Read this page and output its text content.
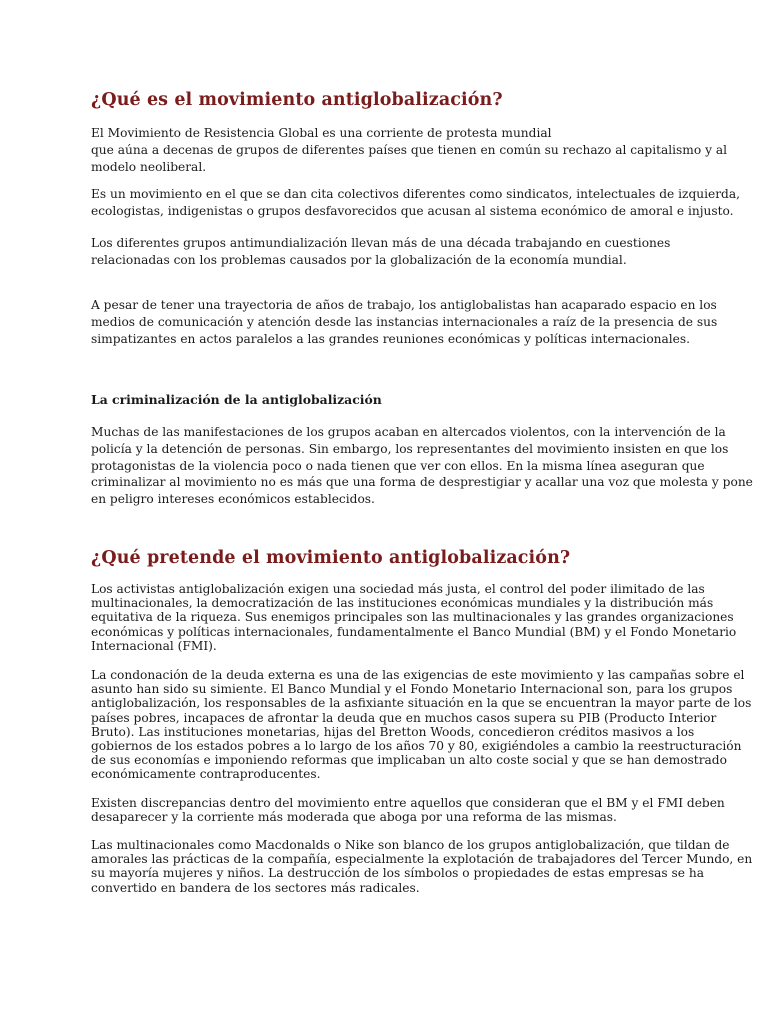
¿Qué es el movimiento antiglobalización?

El Movimiento de Resistencia Global es una corriente de protesta mundial
que aúna a decenas de grupos de diferentes países que tienen en común su rechazo al capitalismo y al
modelo neoliberal.

Es un movimiento en el que se dan cita colectivos diferentes como sindicatos, intelectuales de izquierda,
ecologistas, indigenistas o grupos desfavorecidos que acusan al sistema económico de amoral e injusto.

Los diferentes grupos antimundialización llevan más de una década trabajando en cuestiones
relacionadas con los problemas causados por la globalización de la economía mundial.

A pesar de tener una trayectoria de años de trabajo, los antiglobalistas han acaparado espacio en los
medios de comunicación y atención desde las instancias internacionales a raíz de la presencia de sus
simpatizantes en actos paralelos a las grandes reuniones económicas y políticas internacionales.

La criminalización de la antiglobalización

Muchas de las manifestaciones de los grupos acaban en altercados violentos, con la intervención de la
policía y la detención de personas. Sin embargo, los representantes del movimiento insisten en que los
protagonistas de la violencia poco o nada tienen que ver con ellos. En la misma línea aseguran que
criminalizar al movimiento no es más que una forma de desprestigiar y acallar una voz que molesta y pone
en peligro intereses económicos establecidos.

¿Qué pretende el movimiento antiglobalización?

Los activistas antiglobalización exigen una sociedad más justa, el control del poder ilimitado de las
multinacionales, la democratización de las instituciones económicas mundiales y la distribución más
equitativa de la riqueza. Sus enemigos principales son las multinacionales y las grandes organizaciones
económicas y políticas internacionales, fundamentalmente el Banco Mundial (BM) y el Fondo Monetario
Internacional (FMI).

La condonación de la deuda externa es una de las exigencias de este movimiento y las campañas sobre el
asunto han sido su simiente. El Banco Mundial y el Fondo Monetario Internacional son, para los grupos
antiglobalización, los responsables de la asfixiante situación en la que se encuentran la mayor parte de los
países pobres, incapaces de afrontar la deuda que en muchos casos supera su PIB (Producto Interior
Bruto). Las instituciones monetarias, hijas del Bretton Woods, concedieron créditos masivos a los
gobiernos de los estados pobres a lo largo de los años 70 y 80, exigiéndoles a cambio la reestructuración
de sus economías e imponiendo reformas que implicaban un alto coste social y que se han demostrado
económicamente contraproducentes.

Existen discrepancias dentro del movimiento entre aquellos que consideran que el BM y el FMI deben
desaparecer y la corriente más moderada que aboga por una reforma de las mismas.

Las multinacionales como Macdonalds o Nike son blanco de los grupos antiglobalización, que tildan de
amorales las prácticas de la compañía, especialmente la explotación de trabajadores del Tercer Mundo, en
su mayoría mujeres y niños. La destrucción de los símbolos o propiedades de estas empresas se ha
convertido en bandera de los sectores más radicales.
